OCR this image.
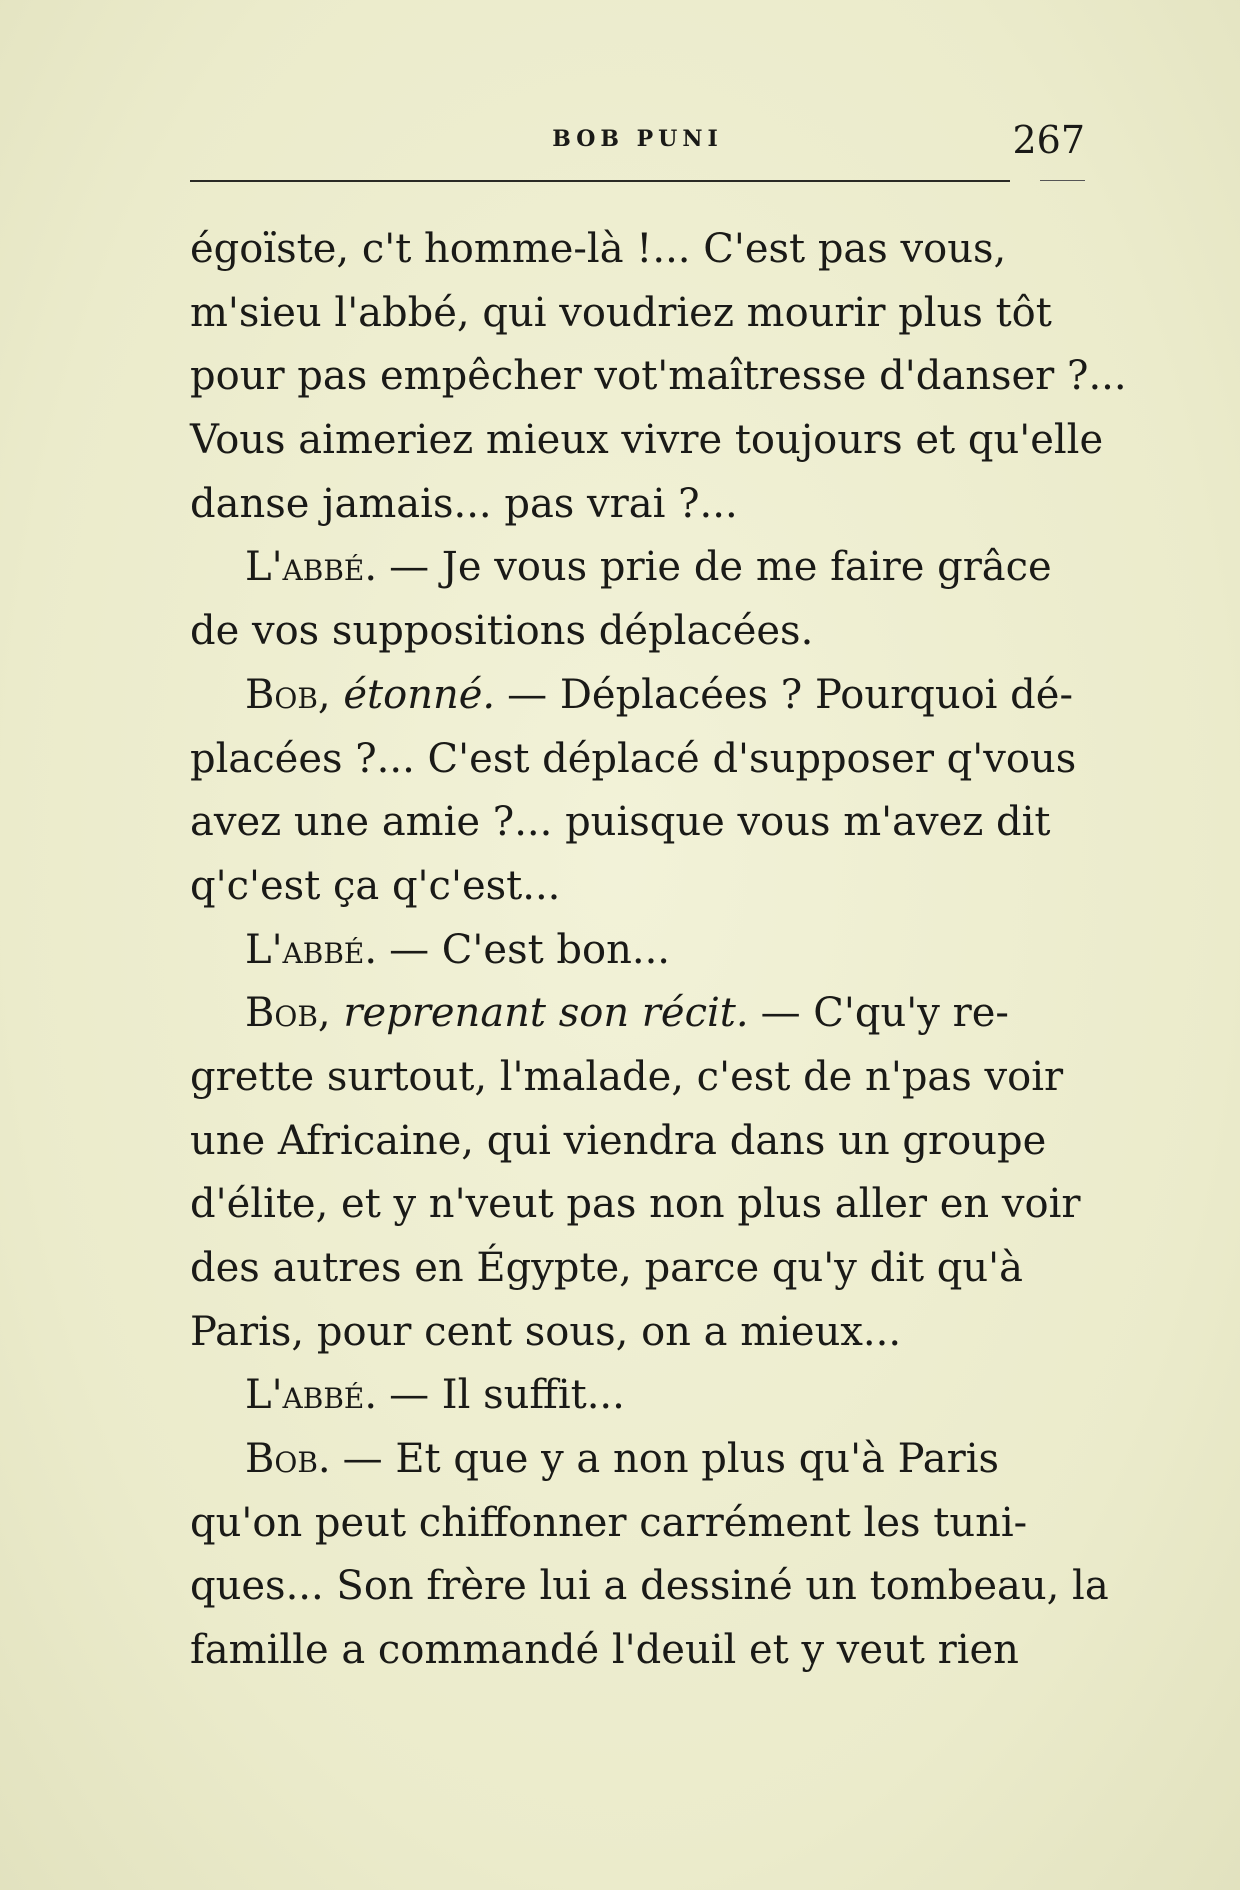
BOB PUNI	267
égoïste, c't homme-là !... C'est pas vous,
m'sieu l'abbé, qui voudriez mourir plus tôt
pour pas empêcher vot'maîtresse d'danser ?...
Vous aimeriez mieux vivre toujours et qu'elle
danse jamais... pas vrai ?...
L'abbé. — Je vous prie de me faire grâce
de vos suppositions déplacées.
Bob, étonné. — Déplacées ? Pourquoi dé-
placées ?... C'est déplacé d'supposer q'vous
avez une amie ?... puisque vous m'avez dit
q'c'est ça q'c'est...
L'abbé. — C'est bon...
Bob, reprenant son récit. — C'qu'y re-
grette surtout, l'malade, c'est de n'pas voir
une Africaine, qui viendra dans un groupe
d'élite, et y n'veut pas non plus aller en voir
des autres en Égypte, parce qu'y dit qu'à
Paris, pour cent sous, on a mieux...
L'abbé. — Il suffit...
Bob. — Et que y a non plus qu'à Paris
qu'on peut chiffonner carrément les tuni-
ques... Son frère lui a dessiné un tombeau, la
famille a commandé l'deuil et y veut rien
